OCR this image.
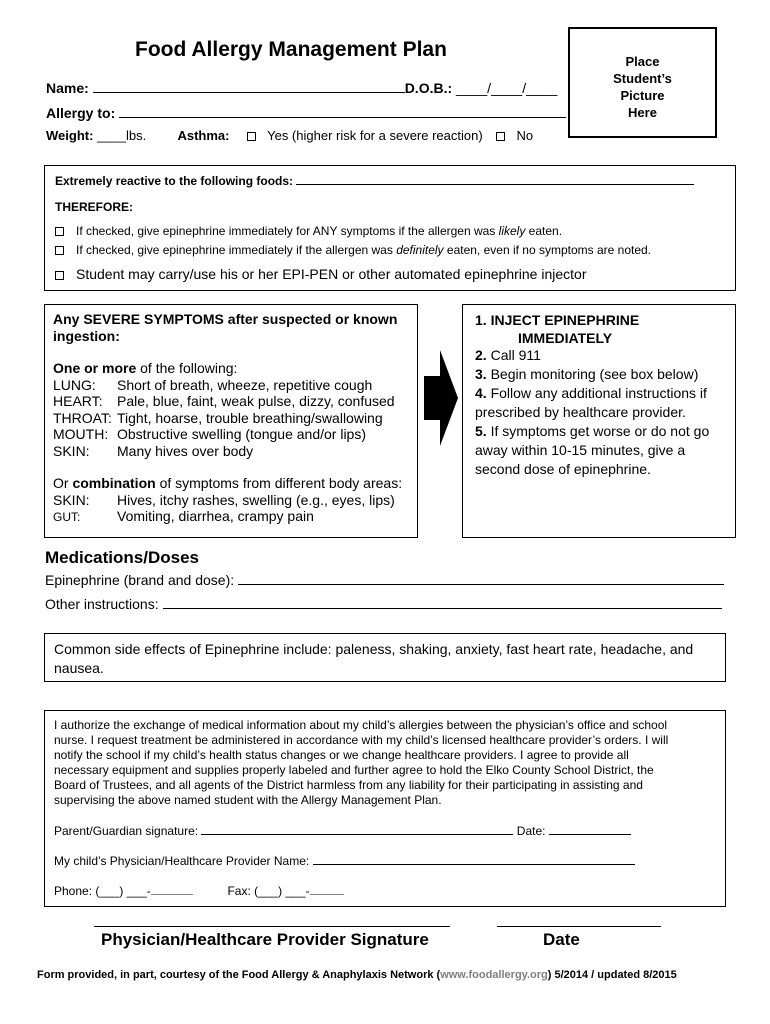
Food Allergy Management Plan
Name:	D.O.B.: ____/____/____
Allergy to:
Weight: ____lbs. Asthma:	Yes (higher risk for a severe reaction)	No
Place
Student’s
Picture
Here
Extremely reactive to the following foods:
THEREFORE:
If checked, give epinephrine immediately for ANY symptoms if the allergen was likely eaten.
If checked, give epinephrine immediately if the allergen was definitely eaten, even if no symptoms are noted.
Student may carry/use his or her EPI-PEN or other automated epinephrine injector
Any SEVERE SYMPTOMS after suspected or known
ingestion:
One or more of the following:
LUNG: Short of breath, wheeze, repetitive cough
HEART: Pale, blue, faint, weak pulse, dizzy, confused
THROAT: Tight, hoarse, trouble breathing/swallowing
MOUTH: Obstructive swelling (tongue and/or lips)
SKIN: Many hives over body
Or combination of symptoms from different body areas:
SKIN: Hives, itchy rashes, swelling (e.g., eyes, lips)
GUT:	Vomiting, diarrhea, crampy pain
1. INJECT EPINEPHRINE
IMMEDIATELY
2. Call 911
3. Begin monitoring (see box below)
4. Follow any additional instructions if
prescribed by healthcare provider.
5. If symptoms get worse or do not go
away within 10-15 minutes, give a
second dose of epinephrine.
Medications/Doses
Epinephrine (brand and dose):
Other instructions:
Common side effects of Epinephrine include: paleness, shaking, anxiety, fast heart rate, headache, and
nausea.
I authorize the exchange of medical information about my child’s allergies between the physician’s office and school
nurse. I request treatment be administered in accordance with my child’s licensed healthcare provider’s orders. I will
notify the school if my child’s health status changes or we change healthcare providers. I agree to provide all
necessary equipment and supplies properly labeled and further agree to hold the Elko County School District, the
Board of Trustees, and all agents of the District harmless from any liability for their participating in assisting and
supervising the above named student with the Allergy Management Plan.
Parent/Guardian signature:	Date:
My child’s Physician/Healthcare Provider Name:
Phone: (___) ___-	Fax: (___) ___-
Physician/Healthcare Provider Signature	Date
Form provided, in part, courtesy of the Food Allergy & Anaphylaxis Network (www.foodallergy.org) 5/2014 / updated 8/2015
